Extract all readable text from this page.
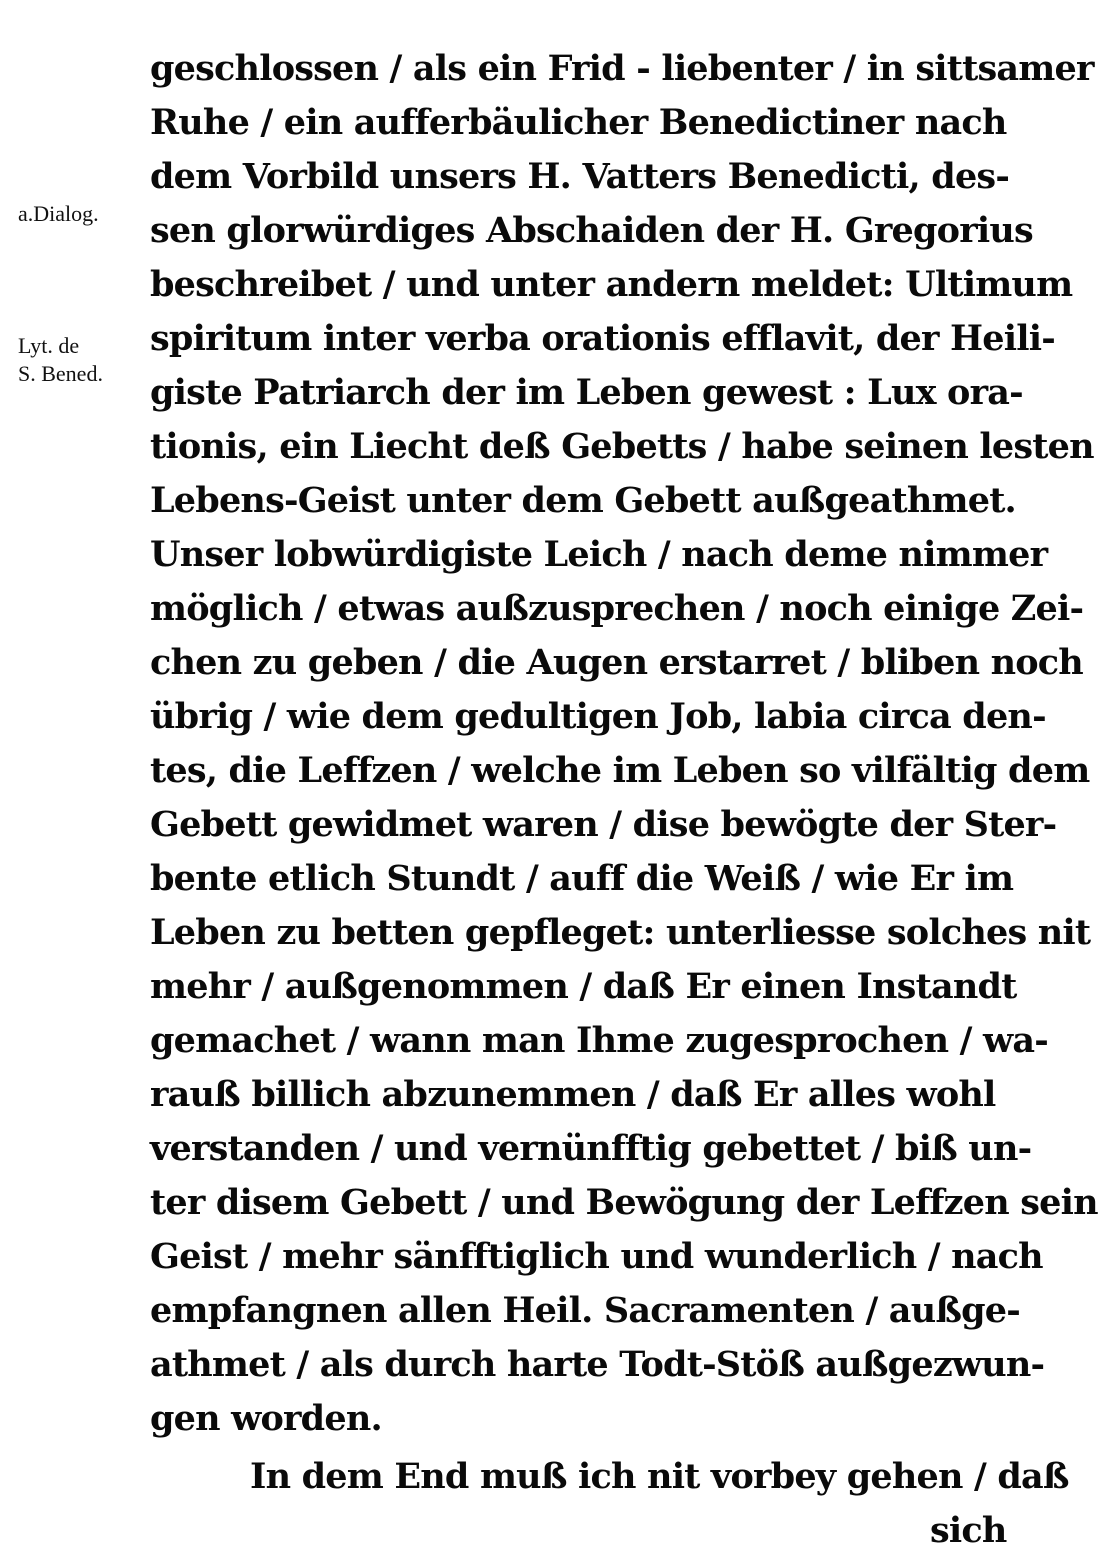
a.Dialog.
Lyt. de
S. Bened.
geschlossen / als ein Frid - liebenter / in sittsamer
Ruhe / ein aufferbäulicher Benedictiner nach
dem Vorbild unsers H. Vatters Benedicti, des-
sen glorwürdiges Abschaiden der H. Gregorius
beschreibet / und unter andern meldet: Ultimum
spiritum inter verba orationis efflavit, der Heili-
giste Patriarch der im Leben gewest : Lux ora-
tionis, ein Liecht deß Gebetts / habe seinen lesten
Lebens-Geist unter dem Gebett außgeathmet.
Unser lobwürdigiste Leich / nach deme nimmer
möglich / etwas außzusprechen / noch einige Zei-
chen zu geben / die Augen erstarret / bliben noch
übrig / wie dem gedultigen Job, labia circa den-
tes, die Leffzen / welche im Leben so vilfältig dem
Gebett gewidmet waren / dise bewögte der Ster-
bente etlich Stundt / auff die Weiß / wie Er im
Leben zu betten gepfleget: unterliesse solches nit
mehr / außgenommen / daß Er einen Instandt
gemachet / wann man Ihme zugesprochen / wa-
rauß billich abzunemmen / daß Er alles wohl
verstanden / und vernünfftig gebettet / biß un-
ter disem Gebett / und Bewögung der Leffzen sein
Geist / mehr sänfftiglich und wunderlich / nach
empfangnen allen Heil. Sacramenten / außge-
athmet / als durch harte Todt-Stöß außgezwun-
gen worden.
In dem End muß ich nit vorbey gehen / daß
sich
